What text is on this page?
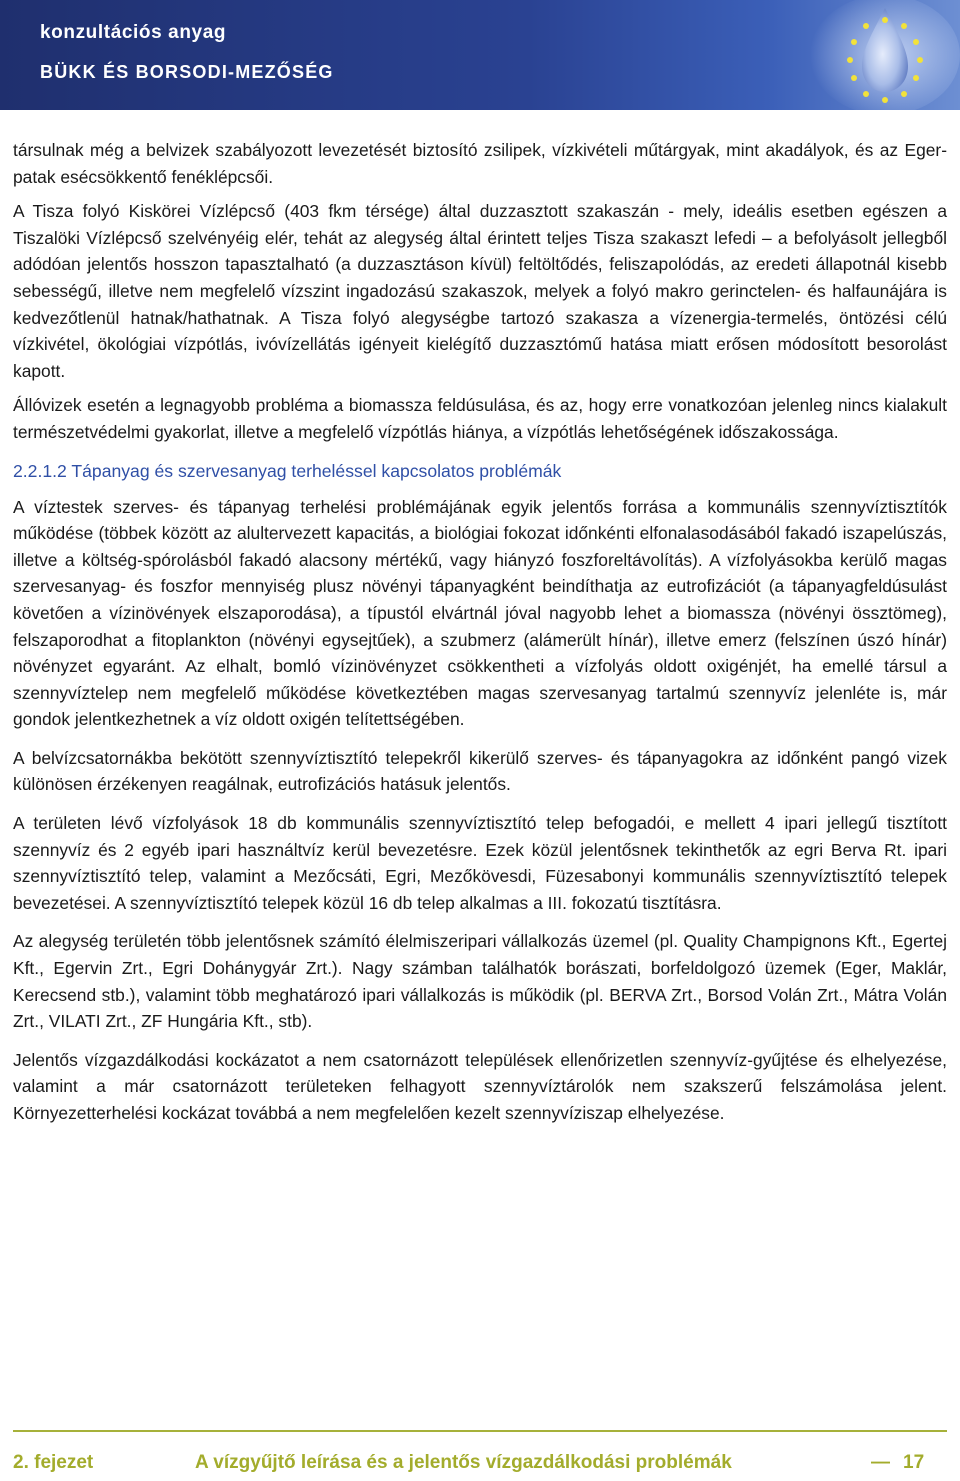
konzultációs anyag
BÜKK ÉS BORSODI-MEZŐSÉG

társulnak még a belvizek szabályozott levezetését biztosító zsilipek, vízkivételi műtárgyak, mint akadályok, és az Eger-patak esécsökkentő fenéklépcsői.

A Tisza folyó Kiskörei Vízlépcső (403 fkm térsége) által duzzasztott szakaszán - mely, ideális esetben egészen a Tiszalöki Vízlépcső szelvényéig elér, tehát az alegység által érintett teljes Tisza szakaszt lefedi – a befolyásolt jellegből adódóan jelentős hosszon tapasztalható (a duzzasztáson kívül) feltöltődés, feliszapolódás, az eredeti állapotnál kisebb sebességű, illetve nem megfelelő vízszint ingadozású szakaszok, melyek a folyó makro gerinctelen- és halfaunájára is kedvezőtlenül hatnak/hathatnak. A Tisza folyó alegységbe tartozó szakasza a vízenergia-termelés, öntözési célú vízkivétel, ökológiai vízpótlás, ivóvízellátás igényeit kielégítő duzzasztómű hatása miatt erősen módosított besorolást kapott.

Állóvizek esetén a legnagyobb probléma a biomassza feldúsulása, és az, hogy erre vonatkozóan jelenleg nincs kialakult természetvédelmi gyakorlat, illetve a megfelelő vízpótlás hiánya, a vízpótlás lehetőségének időszakossága.

2.2.1.2 Tápanyag és szervesanyag terheléssel kapcsolatos problémák

A víztestek szerves- és tápanyag terhelési problémájának egyik jelentős forrása a kommunális szennyvíztisztítók működése (többek között az alultervezett kapacitás, a biológiai fokozat időnkénti elfonalasodásából fakadó iszapelúszás, illetve a költség-spórolásból fakadó alacsony mértékű, vagy hiányzó foszforeltávolítás). A vízfolyásokba kerülő magas szervesanyag- és foszfor mennyiség plusz növényi tápanyagként beindíthatja az eutrofizációt (a tápanyagfeldúsulást követően a vízinövények elszaporodása), a típustól elvártnál jóval nagyobb lehet a biomassza (növényi össztömeg), felszaporodhat a fitoplankton (növényi egysejtűek), a szubmerz (alámerült hínár), illetve emerz (felszínen úszó hínár) növényzet egyaránt. Az elhalt, bomló vízinövényzet csökkentheti a vízfolyás oldott oxigénjét, ha emellé társul a szennyvíztelep nem megfelelő működése következtében magas szervesanyag tartalmú szennyvíz jelenléte is, már gondok jelentkezhetnek a víz oldott oxigén telítettségében.

A belvízcsatornákba bekötött szennyvíztisztító telepekről kikerülő szerves- és tápanyagokra az időnként pangó vizek különösen érzékenyen reagálnak, eutrofizációs hatásuk jelentős.

A területen lévő vízfolyások 18 db kommunális szennyvíztisztító telep befogadói, e mellett 4 ipari jellegű tisztított szennyvíz és 2 egyéb ipari használtvíz kerül bevezetésre. Ezek közül jelentősnek tekinthetők az egri Berva Rt. ipari szennyvíztisztító telep, valamint a Mezőcsáti, Egri, Mezőkövesdi, Füzesabonyi kommunális szennyvíztisztító telepek bevezetései. A szennyvíztisztító telepek közül 16 db telep alkalmas a III. fokozatú tisztításra.

Az alegység területén több jelentősnek számító élelmiszeripari vállalkozás üzemel (pl. Quality Champignons Kft., Egertej Kft., Egervin Zrt., Egri Dohánygyár Zrt.). Nagy számban találhatók borászati, borfeldolgozó üzemek (Eger, Maklár, Kerecsend stb.), valamint több meghatározó ipari vállalkozás is működik (pl. BERVA Zrt., Borsod Volán Zrt., Mátra Volán Zrt., VILATI Zrt., ZF Hungária Kft., stb).

Jelentős vízgazdálkodási kockázatot a nem csatornázott települések ellenőrizetlen szennyvíz-gyűjtése és elhelyezése, valamint a már csatornázott területeken felhagyott szennyvíztárolók nem szakszerű felszámolása jelent. Környezetterhelési kockázat továbbá a nem megfelelően kezelt szennyvíziszap elhelyezése.

2. fejezet	A vízgyűjtő leírása és a jelentős vízgazdálkodási problémák	— 17
